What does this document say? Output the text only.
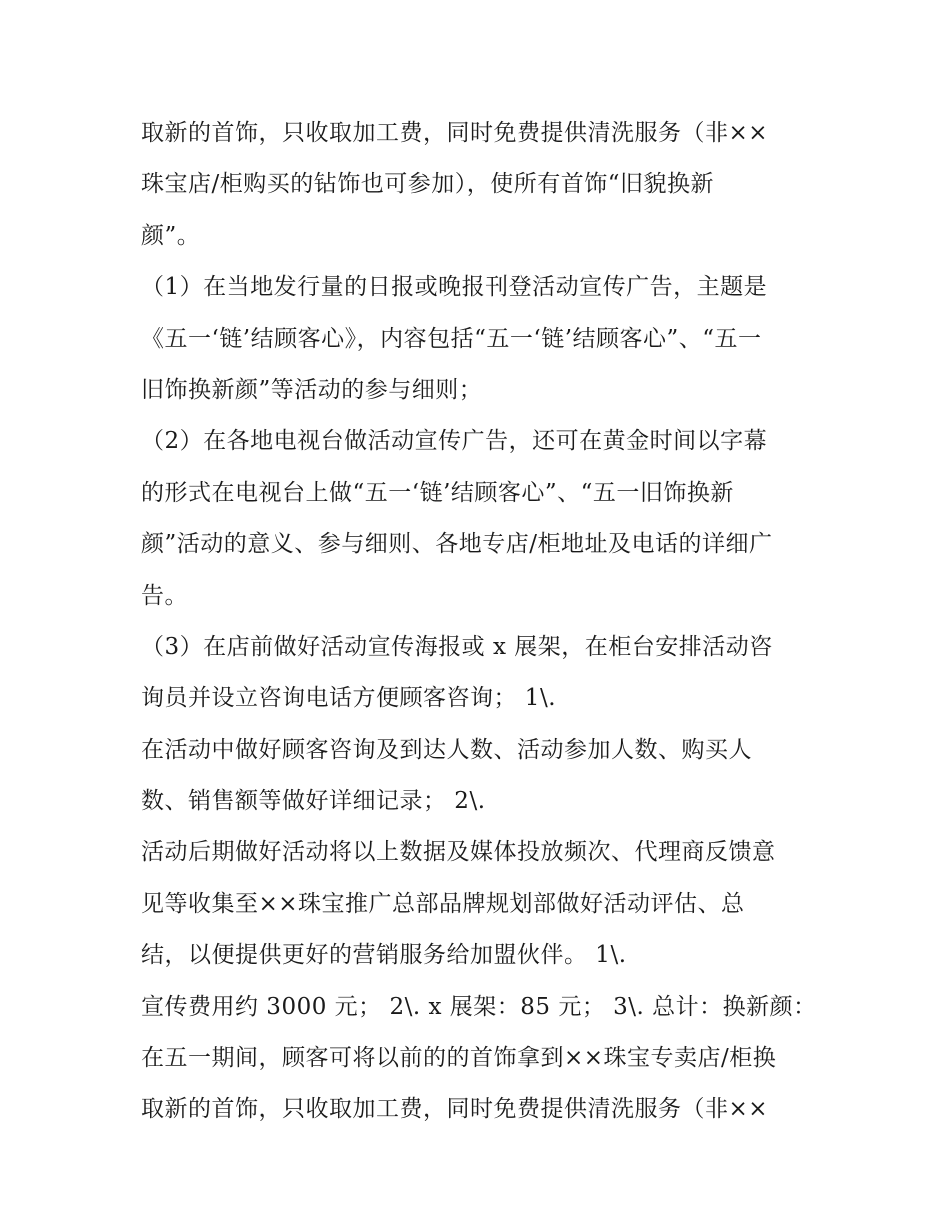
取新的首饰，只收取加工费，同时免费提供清洗服务（非××
珠宝店/柜购买的钻饰也可参加），使所有首饰“旧貌换新
颜”。
（1）在当地发行量的日报或晚报刊登活动宣传广告，主题是
《五一‘链’结顾客心》，内容包括“五一‘链’结顾客心”、“五一
旧饰换新颜”等活动的参与细则；
（2）在各地电视台做活动宣传广告，还可在黄金时间以字幕
的形式在电视台上做“五一‘链’结顾客心”、“五一旧饰换新
颜”活动的意义、参与细则、各地专店/柜地址及电话的详细广
告。
（3）在店前做好活动宣传海报或 x 展架，在柜台安排活动咨
询员并设立咨询电话方便顾客咨询； 1\.
在活动中做好顾客咨询及到达人数、活动参加人数、购买人
数、销售额等做好详细记录； 2\.
活动后期做好活动将以上数据及媒体投放频次、代理商反馈意
见等收集至××珠宝推广总部品牌规划部做好活动评估、总
结，以便提供更好的营销服务给加盟伙伴。 1\.
宣传费用约 3000 元； 2\. x 展架：85 元； 3\. 总计：换新颜：
在五一期间，顾客可将以前的的首饰拿到××珠宝专卖店/柜换
取新的首饰，只收取加工费，同时免费提供清洗服务（非××
